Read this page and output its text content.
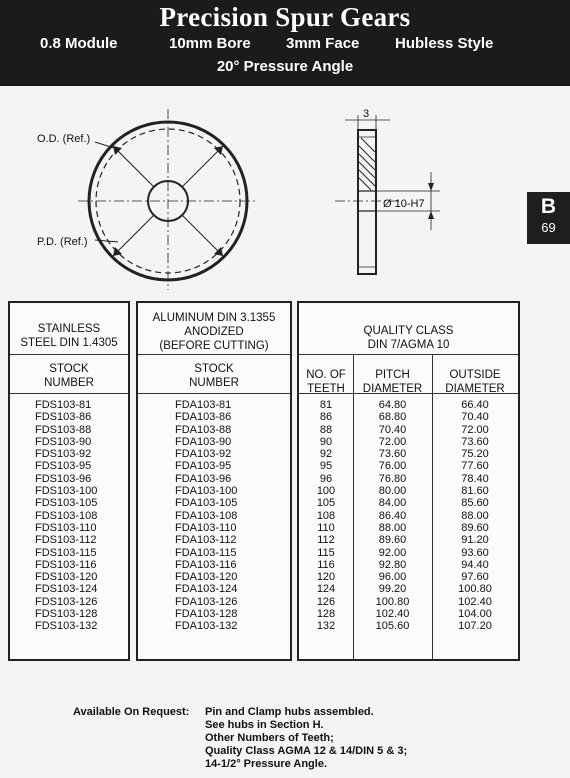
Precision Spur Gears
0.8 Module	10mm Bore 3mm Face Hubless Style
20° Pressure Angle
B
69
O.D. (Ref.)
P.D. (Ref.)
3
Ø 10-H7
STAINLESS
STEEL DIN 1.4305
STOCK
NUMBER
FDS103-81
FDS103-86
FDS103-88
FDS103-90
FDS103-92
FDS103-95
FDS103-96
FDS103-100
FDS103-105
FDS103-108
FDS103-110
FDS103-112
FDS103-115
FDS103-116
FDS103-120
FDS103-124
FDS103-126
FDS103-128
FDS103-132
ALUMINUM DIN 3.1355
ANODIZED
(BEFORE CUTTING)
STOCK
NUMBER
FDA103-81
FDA103-86
FDA103-88
FDA103-90
FDA103-92
FDA103-95
FDA103-96
FDA103-100
FDA103-105
FDA103-108
FDA103-110
FDA103-112
FDA103-115
FDA103-116
FDA103-120
FDA103-124
FDA103-126
FDA103-128
FDA103-132
QUALITY CLASS
DIN 7/AGMA 10
NO. OF
TEETH
PITCH
DIAMETER
OUTSIDE
DIAMETER
81
86
88
90
92
95
96
100
105
108
110
112
115
116
120
124
126
128
132
64.80
68.80
70.40
72.00
73.60
76.00
76.80
80.00
84.00
86.40
88.00
89.60
92.00
92.80
96.00
99.20
100.80
102.40
105.60
66.40
70.40
72.00
73.60
75.20
77.60
78.40
81.60
85.60
88.00
89.60
91.20
93.60
94.40
97.60
100.80
102.40
104.00
107.20
Available On Request: Pin and Clamp hubs assembled.
See hubs in Section H.
Other Numbers of Teeth;
Quality Class AGMA 12 & 14/DIN 5 & 3;
14-1/2° Pressure Angle.
